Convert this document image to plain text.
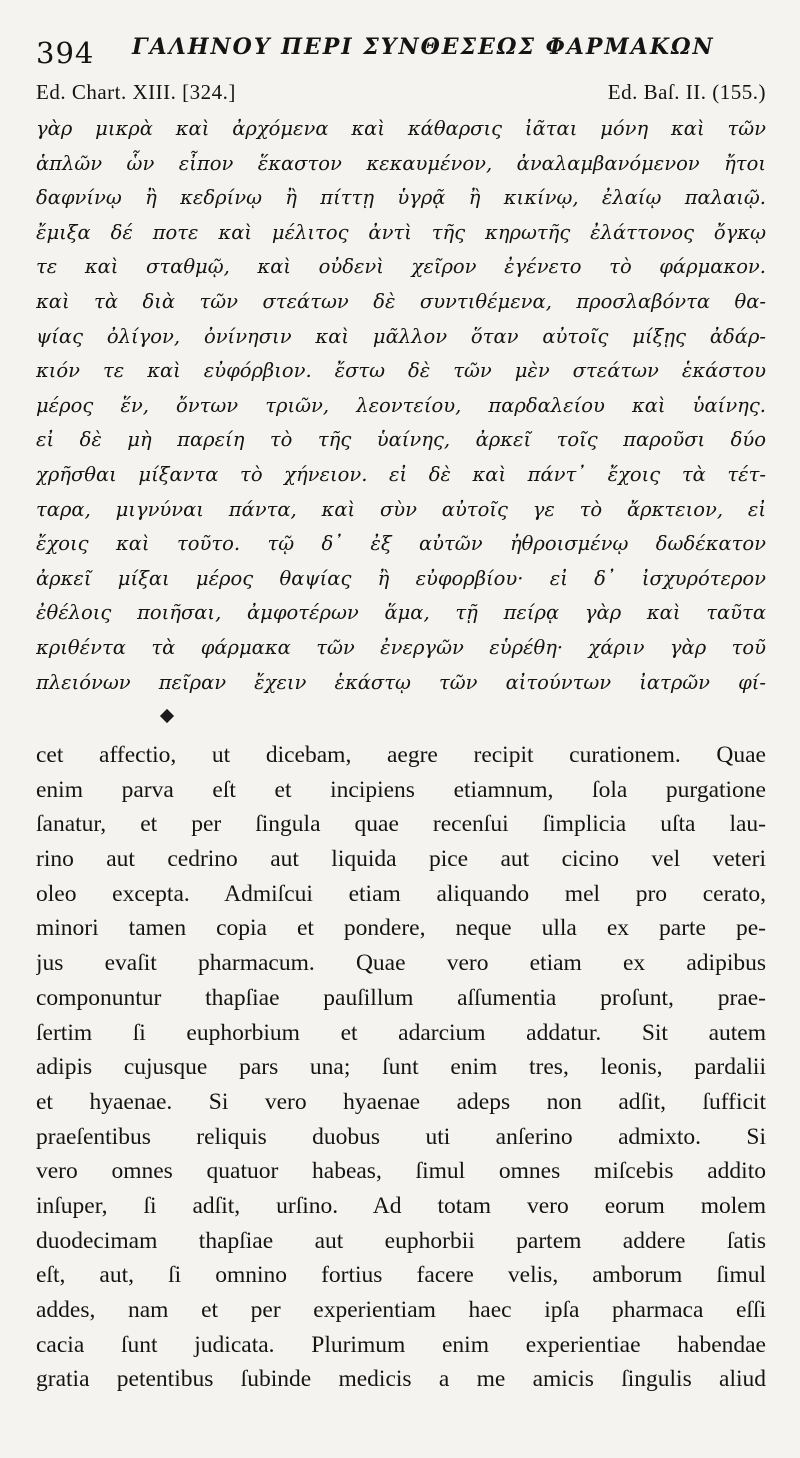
394 ΓΑΛΗΝΟΥ ΠΕΡΙ ΣΥΝΘΕΣΕΩΣ ΦΑΡΜΑΚΩΝ
Ed. Chart. XIII. [324.]	Ed. Baſ. II. (155.)
γὰρ μικρὰ καὶ ἀρχόμενα καὶ κάθαρσις ἰᾶται μόνη καὶ τῶν
ἁπλῶν ὧν εἶπον ἕκαστον κεκαυμένον, ἀναλαμβανόμενον ἤτοι
δαφνίνῳ ἢ κεδρίνῳ ἢ πίττῃ ὑγρᾷ ἢ κικίνῳ, ἐλαίῳ παλαιῷ.
ἔμιξα δέ ποτε καὶ μέλιτος ἀντὶ τῆς κηρωτῆς ἐλάττονος ὄγκῳ
τε καὶ σταθμῷ, καὶ οὐδενὶ χεῖρον ἐγένετο τὸ φάρμακον.
καὶ τὰ διὰ τῶν στεάτων δὲ συντιθέμενα, προσλαβόντα θα-
ψίας ὀλίγον, ὀνίνησιν καὶ μᾶλλον ὅταν αὐτοῖς μίξῃς ἀδάρ-
κιόν τε καὶ εὐφόρβιον. ἔστω δὲ τῶν μὲν στεάτων ἑκάστου
μέρος ἕν, ὄντων τριῶν, λεοντείου, παρδαλείου καὶ ὑαίνης.
εἰ δὲ μὴ παρείη τὸ τῆς ὑαίνης, ἀρκεῖ τοῖς παροῦσι δύο
χρῆσθαι μίξαντα τὸ χήνειον. εἰ δὲ καὶ πάντ᾽ ἔχοις τὰ τέτ-
ταρα, μιγνύναι πάντα, καὶ σὺν αὐτοῖς γε τὸ ἄρκτειον, εἰ
ἔχοις καὶ τοῦτο. τῷ δ᾽ ἐξ αὐτῶν ἠθροισμένῳ δωδέκατον
ἀρκεῖ μίξαι μέρος θαψίας ἢ εὐφορβίου· εἰ δ᾽ ἰσχυρότερον
ἐθέλοις ποιῆσαι, ἀμφοτέρων ἅμα, τῇ πείρᾳ γὰρ καὶ ταῦτα
κριθέντα τὰ φάρμακα τῶν ἐνεργῶν εὑρέθη· χάριν γὰρ τοῦ
πλειόνων πεῖραν ἔχειν ἑκάστῳ τῶν αἰτούντων ἰατρῶν φί-
cet affectio, ut dicebam, aegre recipit curationem. Quae
enim parva eſt et incipiens etiamnum, ſola purgatione
ſanatur, et per ſingula quae recenſui ſimplicia uſta lau-
rino aut cedrino aut liquida pice aut cicino vel veteri
oleo excepta. Admiſcui etiam aliquando mel pro cerato,
minori tamen copia et pondere, neque ulla ex parte pe-
jus evaſit pharmacum. Quae vero etiam ex adipibus
componuntur thapſiae pauſillum aſſumentia proſunt, prae-
ſertim ſi euphorbium et adarcium addatur. Sit autem
adipis cujusque pars una; ſunt enim tres, leonis, pardalii
et hyaenae. Si vero hyaenae adeps non adſit, ſufficit
praeſentibus reliquis duobus uti anſerino admixto. Si
vero omnes quatuor habeas, ſimul omnes miſcebis addito
inſuper, ſi adſit, urſino. Ad totam vero eorum molem
duodecimam thapſiae aut euphorbii partem addere ſatis
eſt, aut, ſi omnino fortius facere velis, amborum ſimul
addes, nam et per experientiam haec ipſa pharmaca eſſi
cacia ſunt judicata. Plurimum enim experientiae habendae
gratia petentibus ſubinde medicis a me amicis ſingulis aliud
